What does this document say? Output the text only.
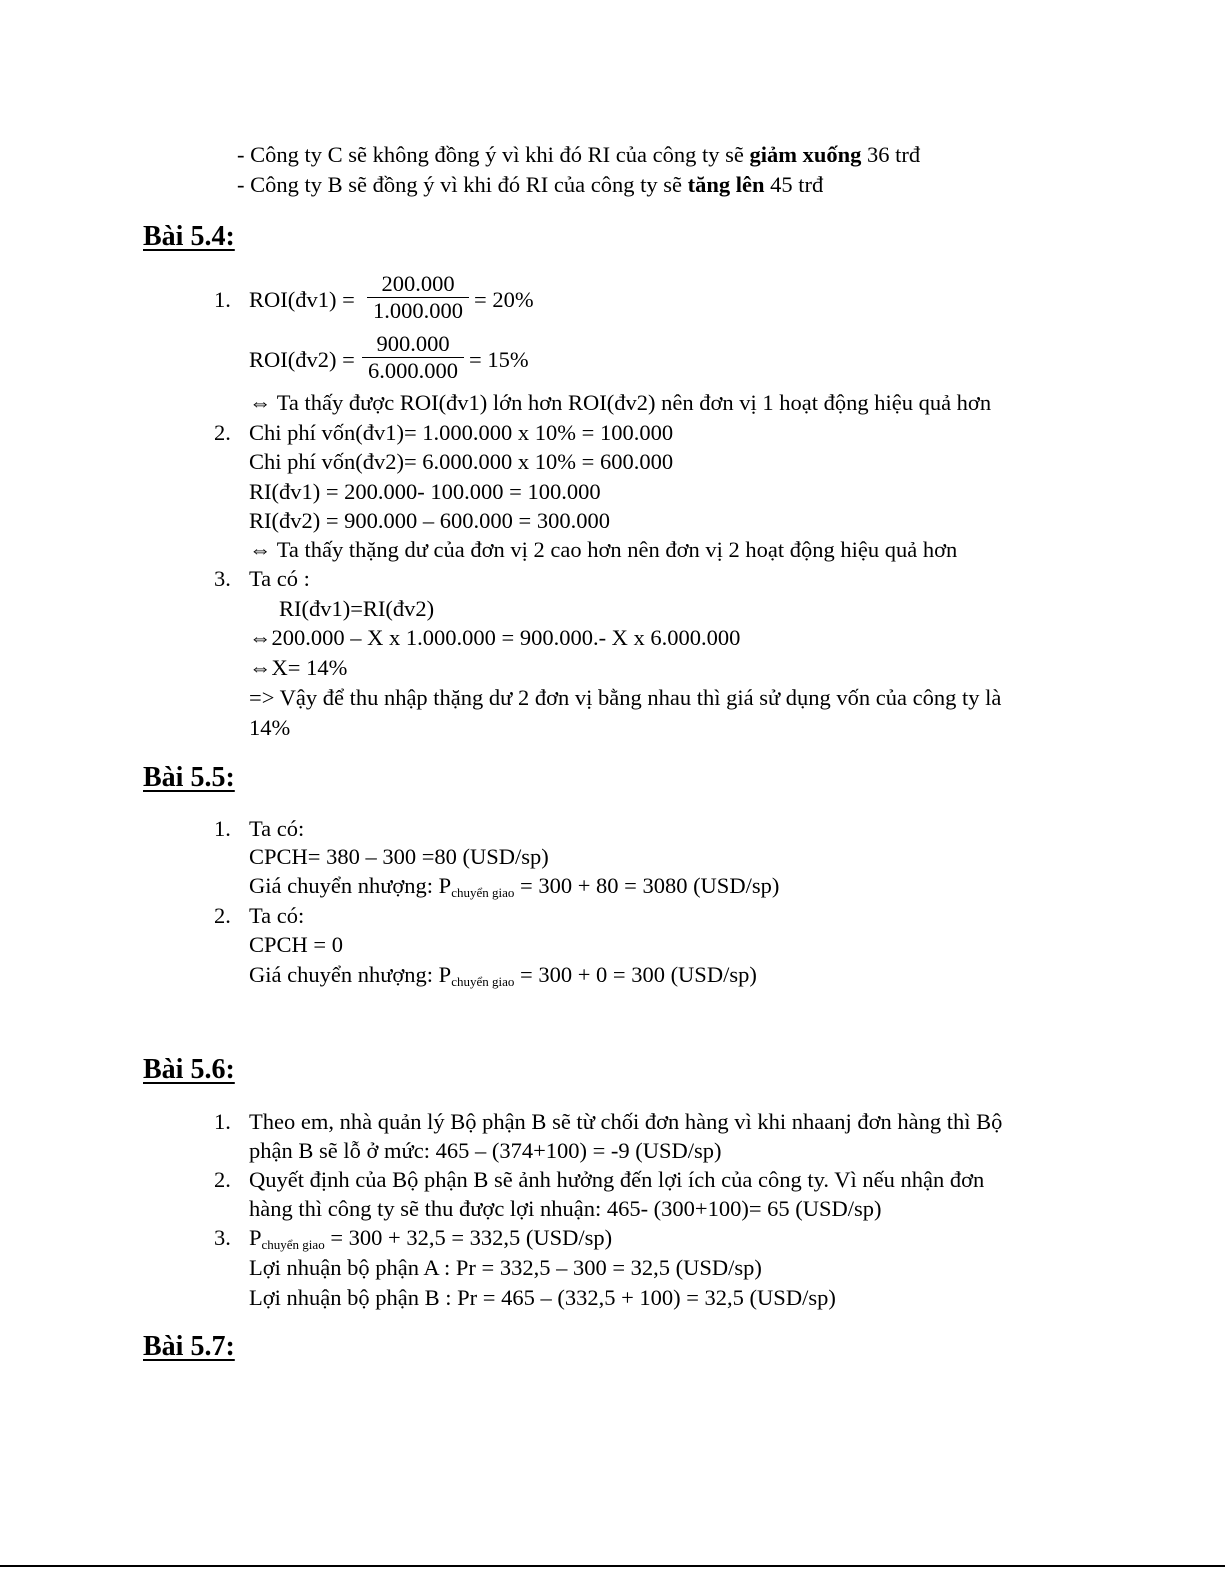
- Công ty C sẽ không đồng ý vì khi đó RI của công ty sẽ giảm xuống 36 trđ
- Công ty B sẽ đồng ý vì khi đó RI của công ty sẽ tăng lên 45 trđ
Bài 5.4:
1. ROI(đv1) = $\frac{200.000}{1.000.000} = 20\%$
ROI(đv2) = $\frac{900.000}{6.000.000} = 15\%$
⇔ Ta thấy được ROI(đv1) lớn hơn ROI(đv2) nên đơn vị 1 hoạt động hiệu quả hơn
2. Chi phí vốn(đv1)= 1.000.000 x 10% = 100.000
Chi phí vốn(đv2)= 6.000.000 x 10% = 600.000
RI(đv1) = 200.000- 100.000 = 100.000
RI(đv2) = 900.000 – 600.000 = 300.000
⇔ Ta thấy thặng dư của đơn vị 2 cao hơn nên đơn vị 2 hoạt động hiệu quả hơn
3. Ta có :
RI(đv1)=RI(đv2)
⇔200.000 – X x 1.000.000 = 900.000.- X x 6.000.000
⇔X= 14%
=> Vậy để thu nhập thặng dư 2 đơn vị bằng nhau thì giá sử dụng vốn của công ty là
14%
Bài 5.5:
1. Ta có:
CPCH= 380 – 300 =80 (USD/sp)
Giá chuyển nhượng: $P_{chuyển giao} = 300 + 80 = 3080$ (USD/sp)
2. Ta có:
CPCH = 0
Giá chuyển nhượng: $P_{chuyển giao} = 300 + 0 = 300$ (USD/sp)
Bài 5.6:
1. Theo em, nhà quản lý Bộ phận B sẽ từ chối đơn hàng vì khi nhaanj đơn hàng thì Bộ
phận B sẽ lỗ ở mức: 465 – (374+100) = -9 (USD/sp)
2. Quyết định của Bộ phận B sẽ ảnh hưởng đến lợi ích của công ty. Vì nếu nhận đơn
hàng thì công ty sẽ thu được lợi nhuận: 465- (300+100)= 65 (USD/sp)
3. $P_{chuyển giao} = 300 + 32,5 = 332,5$ (USD/sp)
Lợi nhuận bộ phận A : Pr = 332,5 – 300 = 32,5 (USD/sp)
Lợi nhuận bộ phận B : Pr = 465 – (332,5 + 100) = 32,5 (USD/sp)
Bài 5.7:
